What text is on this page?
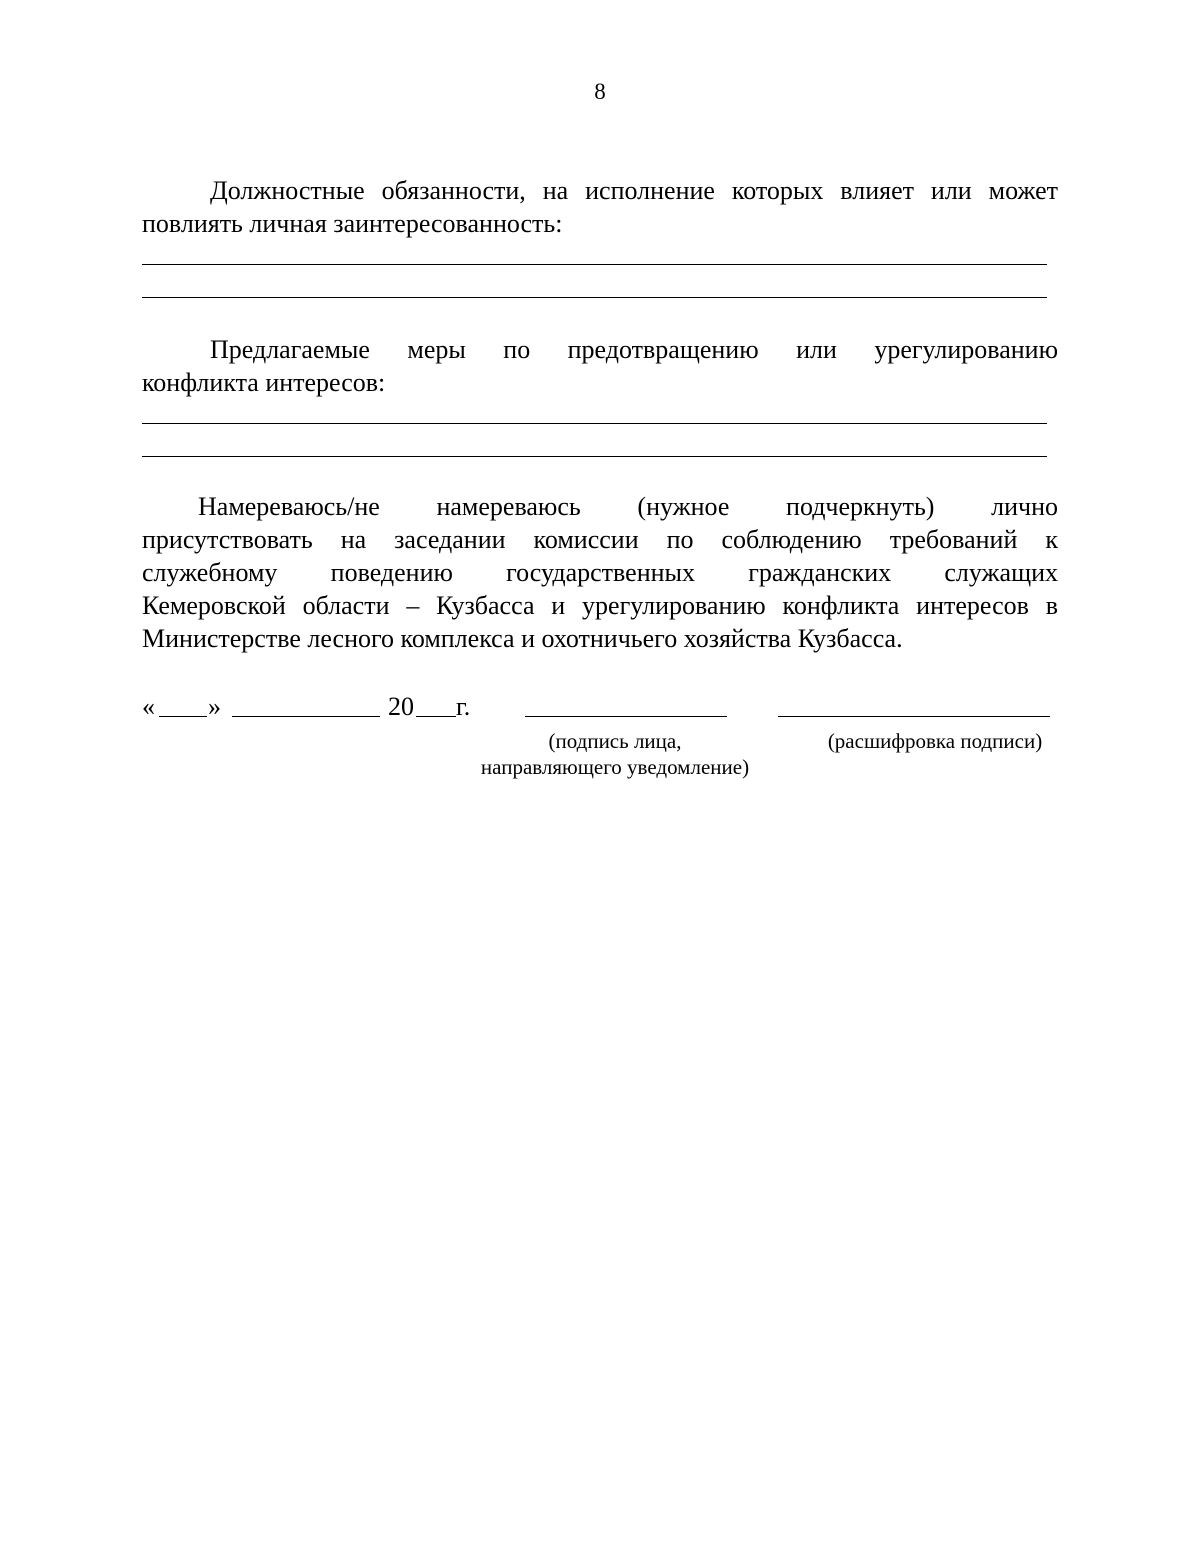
8
Должностные обязанности, на исполнение которых влияет или может
повлиять личная заинтересованность:
Предлагаемые меры по предотвращению или урегулированию
конфликта интересов:
Намереваюсь/не намереваюсь (нужное подчеркнуть) лично
присутствовать на заседании комиссии по соблюдению требований к
служебному поведению государственных гражданских служащих
Кемеровской области – Кузбасса и урегулированию конфликта интересов в
Министерстве лесного комплекса и охотничьего хозяйства Кузбасса.
« »	20 г.
(подпись лица,
направляющего уведомление)
(расшифровка подписи)
